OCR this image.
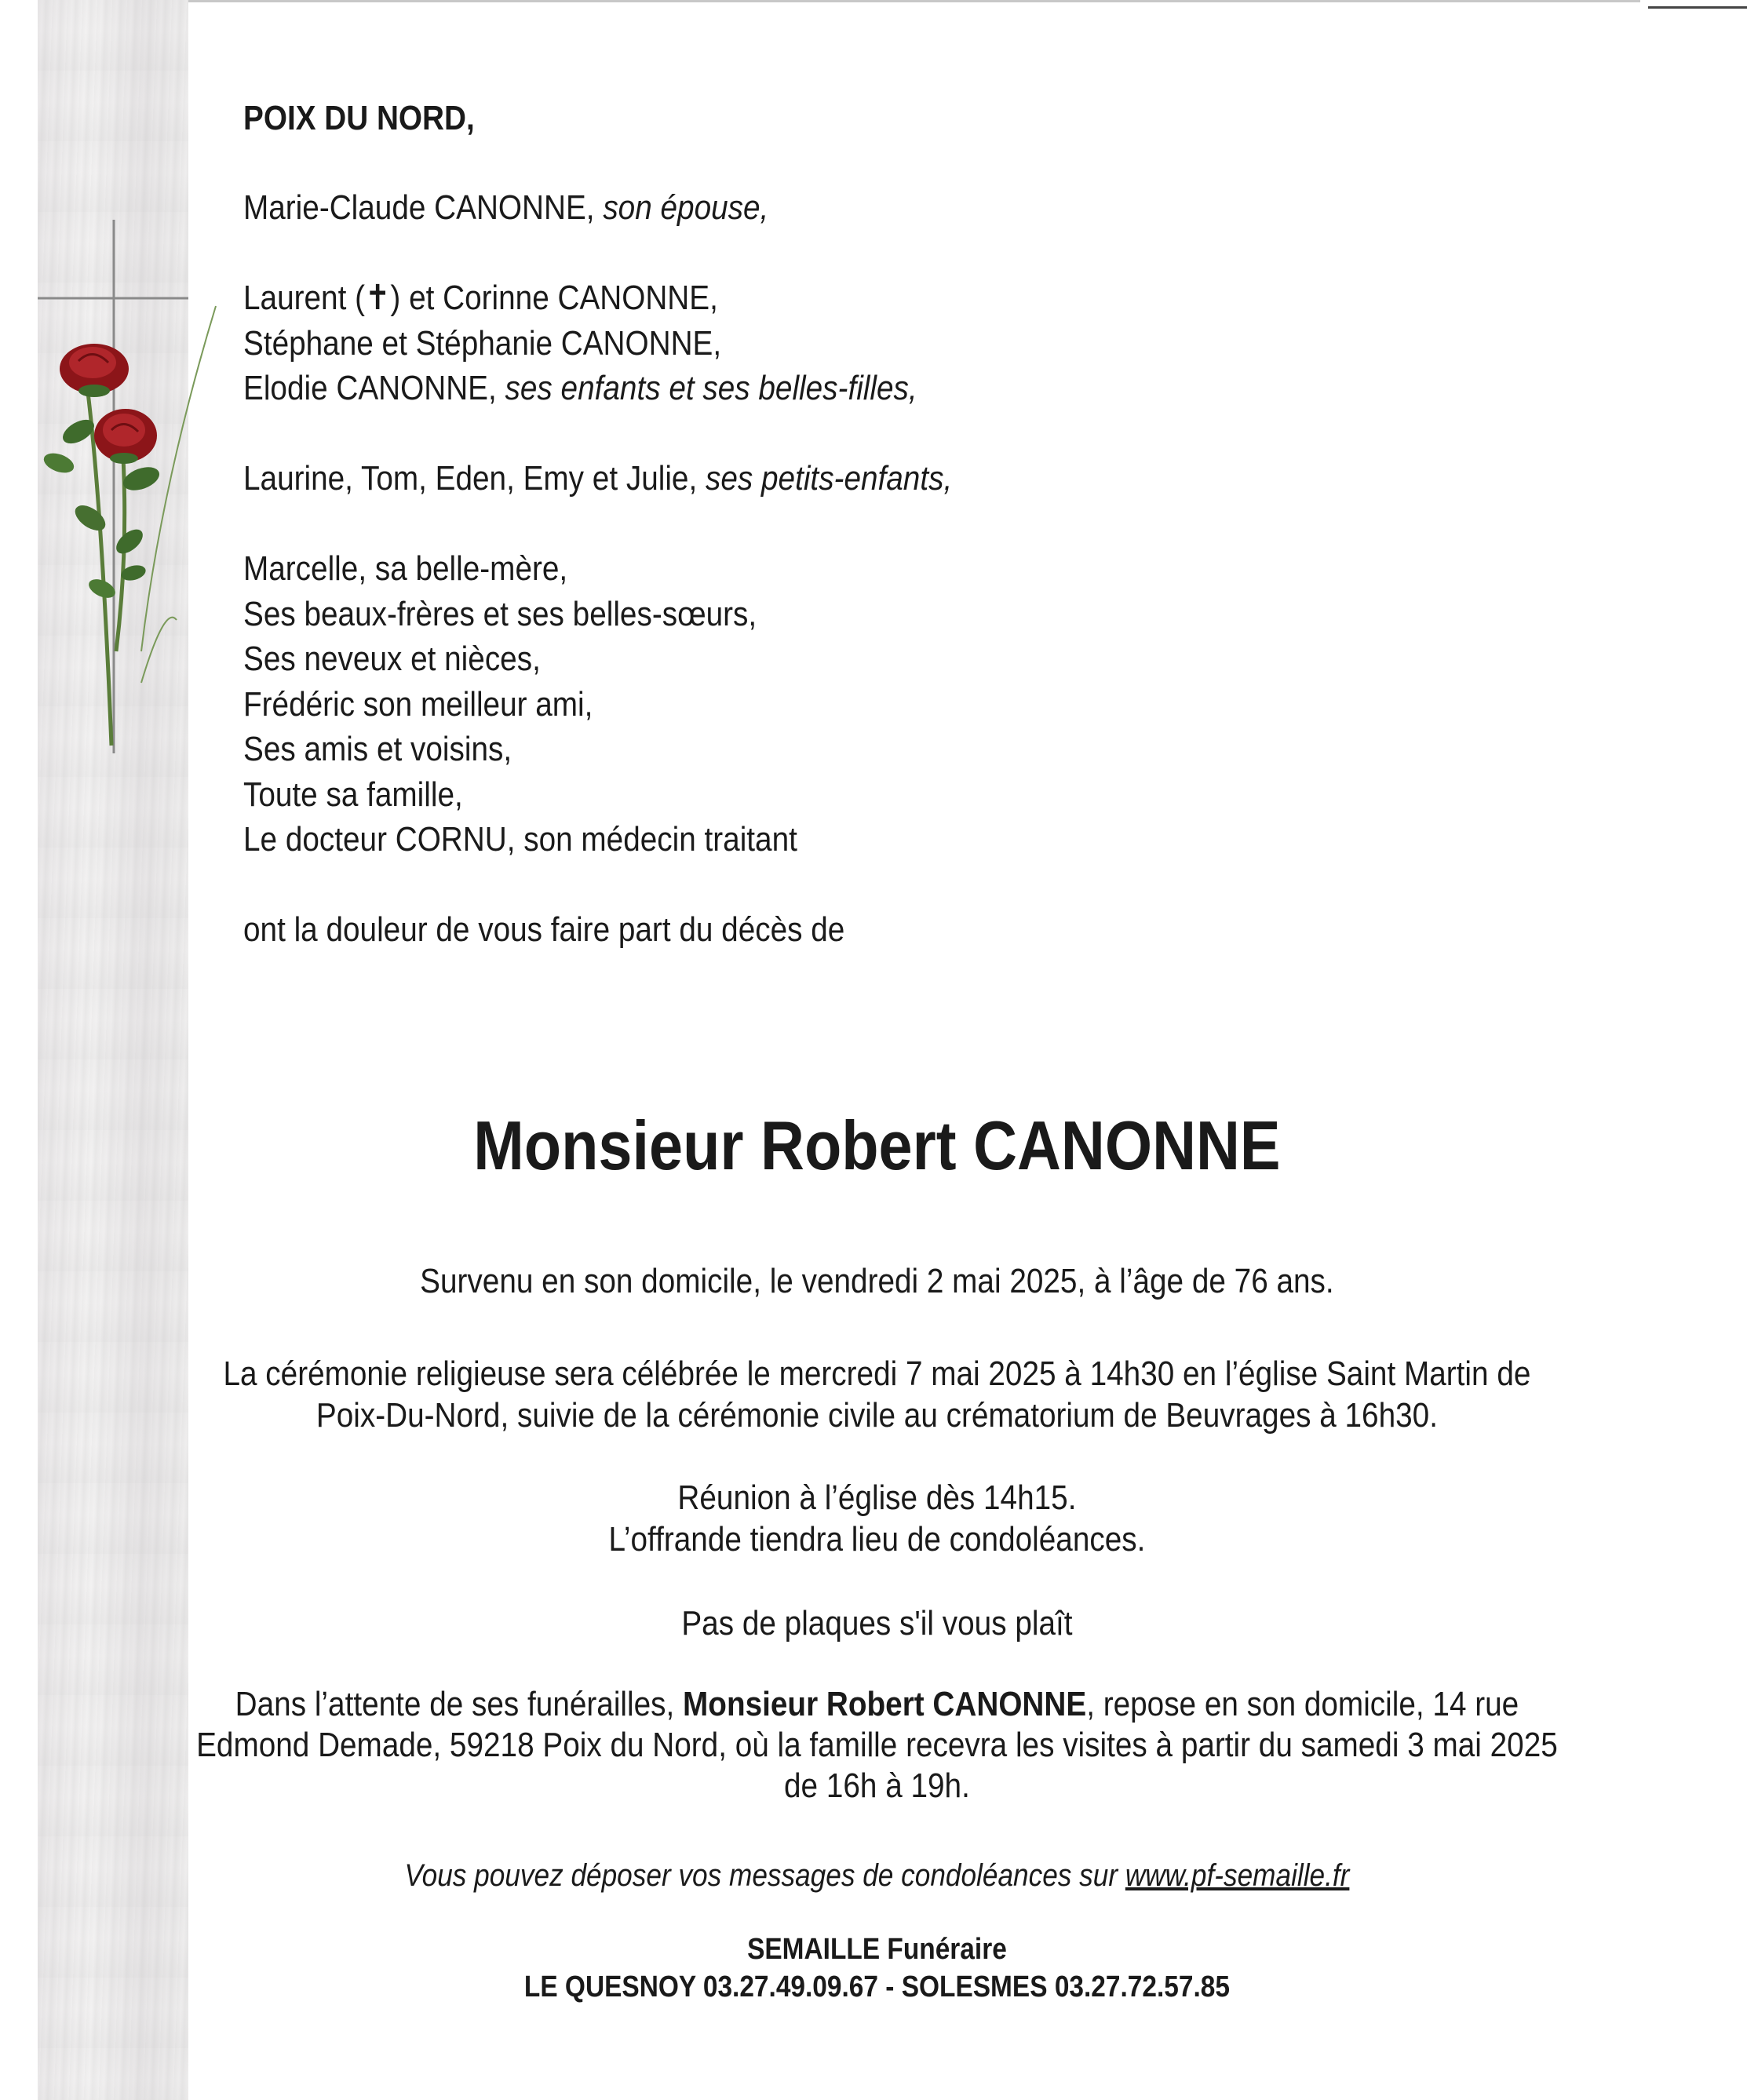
POIX DU NORD,
Marie-Claude CANONNE, son épouse,
Laurent (✝) et Corinne CANONNE,
Stéphane et Stéphanie CANONNE,
Elodie CANONNE, ses enfants et ses belles-filles,
Laurine, Tom, Eden, Emy et Julie, ses petits-enfants,
Marcelle, sa belle-mère,
Ses beaux-frères et ses belles-sœurs,
Ses neveux et nièces,
Frédéric son meilleur ami,
Ses amis et voisins,
Toute sa famille,
Le docteur CORNU, son médecin traitant
ont la douleur de vous faire part du décès de
Monsieur Robert CANONNE
Survenu en son domicile, le vendredi 2 mai 2025, à l’âge de 76 ans.
La cérémonie religieuse sera célébrée le mercredi 7 mai 2025 à 14h30 en l’église Saint Martin de
Poix-Du-Nord, suivie de la cérémonie civile au crématorium de Beuvrages à 16h30.
Réunion à l’église dès 14h15.
L’offrande tiendra lieu de condoléances.
Pas de plaques s'il vous plaît
Dans l’attente de ses funérailles, Monsieur Robert CANONNE, repose en son domicile, 14 rue
Edmond Demade, 59218 Poix du Nord, où la famille recevra les visites à partir du samedi 3 mai 2025
de 16h à 19h.
Vous pouvez déposer vos messages de condoléances sur www.pf-semaille.fr
SEMAILLE Funéraire
LE QUESNOY 03.27.49.09.67 - SOLESMES 03.27.72.57.85
